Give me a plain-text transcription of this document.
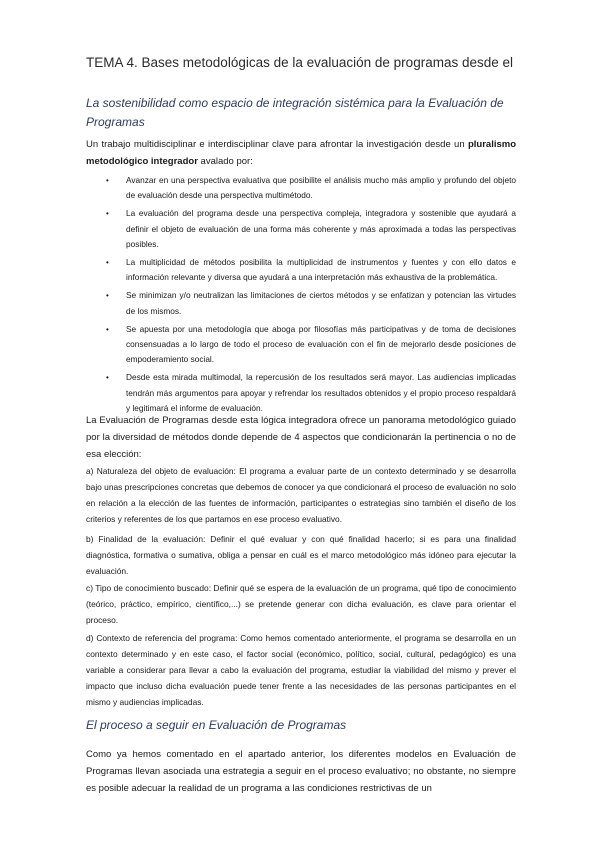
TEMA 4. Bases metodológicas de la evaluación de programas desde el
La sostenibilidad como espacio de integración sistémica para la Evaluación de Programas
Un trabajo multidisciplinar e interdisciplinar clave para afrontar la investigación desde un pluralismo metodológico integrador avalado por:
• Avanzar en una perspectiva evaluativa que posibilite el análisis mucho más amplio y profundo del objeto de evaluación desde una perspectiva multimétodo.
• La evaluación del programa desde una perspectiva compleja, integradora y sostenible que ayudará a definir el objeto de evaluación de una forma más coherente y más aproximada a todas las perspectivas posibles.
• La multiplicidad de métodos posibilita la multiplicidad de instrumentos y fuentes y con ello datos e información relevante y diversa que ayudará a una interpretación más exhaustiva de la problemática.
• Se minimizan y/o neutralizan las limitaciones de ciertos métodos y se enfatizan y potencian las virtudes de los mismos.
• Se apuesta por una metodología que aboga por filosofías más participativas y de toma de decisiones consensuadas a lo largo de todo el proceso de evaluación con el fin de mejorarlo desde posiciones de empoderamiento social.
• Desde esta mirada multimodal, la repercusión de los resultados será mayor. Las audiencias implicadas tendrán más argumentos para apoyar y refrendar los resultados obtenidos y el propio proceso respaldará y legitimará el informe de evaluación.
La Evaluación de Programas desde esta lógica integradora ofrece un panorama metodológico guiado por la diversidad de métodos donde depende de 4 aspectos que condicionarán la pertinencia o no de esa elección:
a) Naturaleza del objeto de evaluación: El programa a evaluar parte de un contexto determinado y se desarrolla bajo unas prescripciones concretas que debemos de conocer ya que condicionará el proceso de evaluación no solo en relación a la elección de las fuentes de información, participantes o estrategias sino también el diseño de los criterios y referentes de los que partamos en ese proceso evaluativo.
b) Finalidad de la evaluación: Definir el qué evaluar y con qué finalidad hacerlo; si es para una finalidad diagnóstica, formativa o sumativa, obliga a pensar en cuál es el marco metodológico más idóneo para ejecutar la evaluación.
c) Tipo de conocimiento buscado: Definir qué se espera de la evaluación de un programa, qué tipo de conocimiento (teórico, práctico, empírico, científico,...) se pretende generar con dicha evaluación, es clave para orientar el proceso.
d) Contexto de referencia del programa: Como hemos comentado anteriormente, el programa se desarrolla en un contexto determinado y en este caso, el factor social (económico, político, social, cultural, pedagógico) es una variable a considerar para llevar a cabo la evaluación del programa, estudiar la viabilidad del mismo y prever el impacto que incluso dicha evaluación puede tener frente a las necesidades de las personas participantes en el mismo y audiencias implicadas.
El proceso a seguir en Evaluación de Programas
Como ya hemos comentado en el apartado anterior, los diferentes modelos en Evaluación de Programas llevan asociada una estrategia a seguir en el proceso evaluativo; no obstante, no siempre es posible adecuar la realidad de un programa a las condiciones restrictivas de un
